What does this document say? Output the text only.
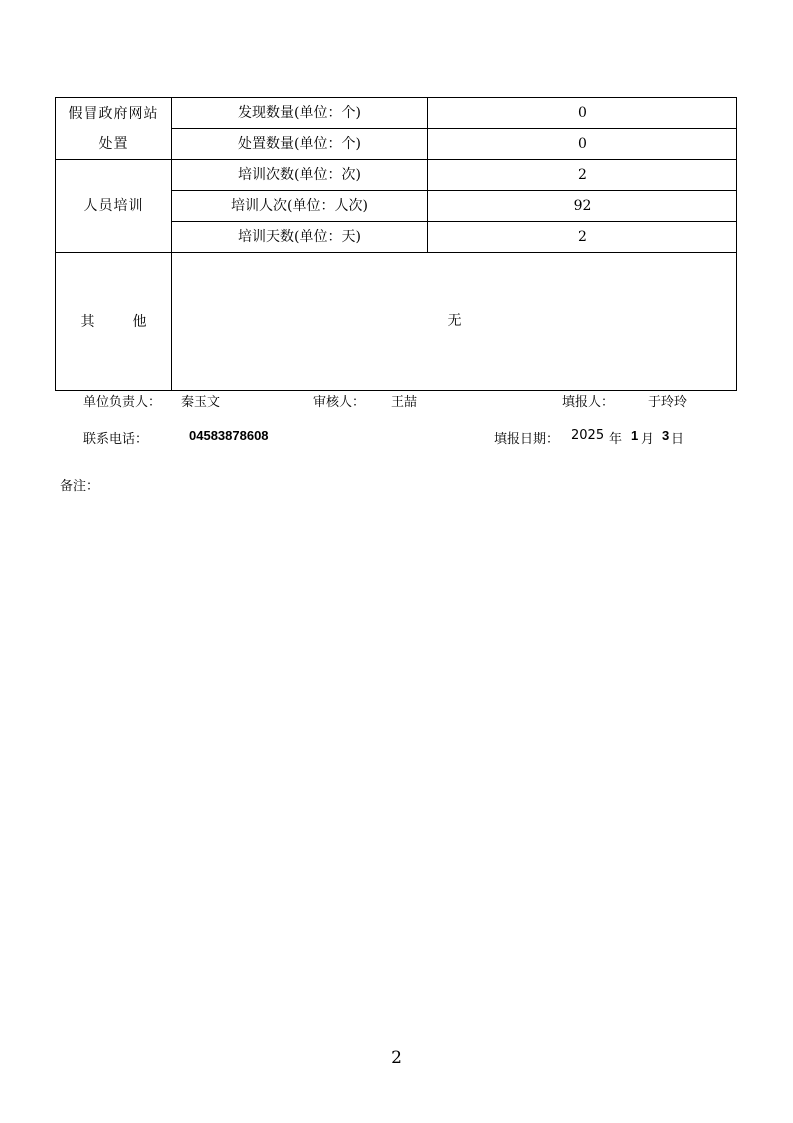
假冒政府网站
处置
发现数量(单位：个)	0
处置数量(单位：个)	0
人员培训
培训次数(单位：次)	2
培训人次(单位：人次)	92
培训天数(单位：天)	2
其	他	无
单位负责人： 秦玉文	审核人： 王喆	填报人：	于玲玲
联系电话：	04583878608	填报日期： 2025 年 1 月 3 日
备注：
2
